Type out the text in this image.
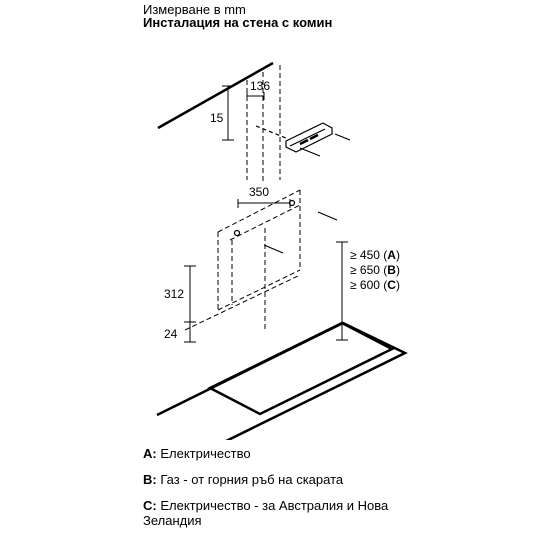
Измерване в mm
Инсталация на стена с комин
136
15
350
312
24
≥ 450 (A)
≥ 650 (B)
≥ 600 (C)
A: Електричество
B: Газ - от горния ръб на скарата
C: Електричество - за Австралия и Нова Зеландия
